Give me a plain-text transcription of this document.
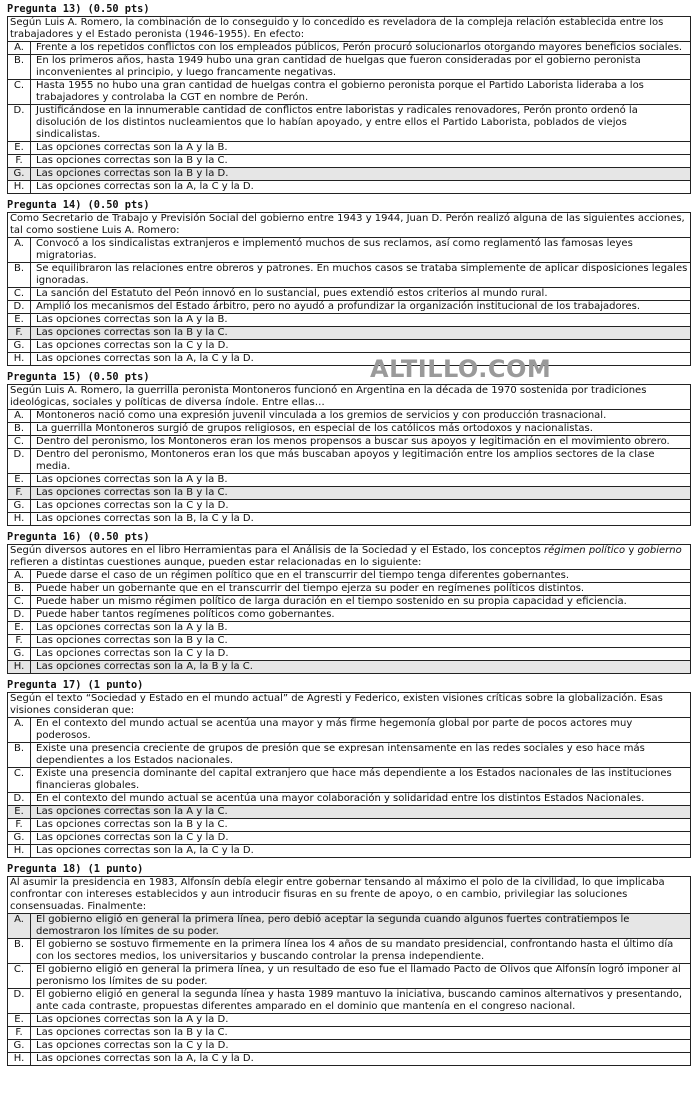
Pregunta 13) (0.50 pts)
Según Luis A. Romero, la combinación de lo conseguido y lo concedido es reveladora de la compleja relación establecida entre los trabajadores y el Estado peronista (1946-1955). En efecto:
A.	Frente a los repetidos conflictos con los empleados públicos, Perón procuró solucionarlos otorgando mayores beneficios sociales.
B.	En los primeros años, hasta 1949 hubo una gran cantidad de huelgas que fueron consideradas por el gobierno peronista inconvenientes al principio, y luego francamente negativas.
C.	Hasta 1955 no hubo una gran cantidad de huelgas contra el gobierno peronista porque el Partido Laborista lideraba a los trabajadores y controlaba la CGT en nombre de Perón.
D.	Justificándose en la innumerable cantidad de conflictos entre laboristas y radicales renovadores, Perón pronto ordenó la disolución de los distintos nucleamientos que lo habían apoyado, y entre ellos el Partido Laborista, poblados de viejos sindicalistas.
E.	Las opciones correctas son la A y la B.
F.	Las opciones correctas son la B y la C.
G.	Las opciones correctas son la B y la D.
H.	Las opciones correctas son la A, la C y la D.
Pregunta 14) (0.50 pts)
Como Secretario de Trabajo y Previsión Social del gobierno entre 1943 y 1944, Juan D. Perón realizó alguna de las siguientes acciones, tal como sostiene Luis A. Romero:
A.	Convocó a los sindicalistas extranjeros e implementó muchos de sus reclamos, así como reglamentó las famosas leyes migratorias.
B.	Se equilibraron las relaciones entre obreros y patrones. En muchos casos se trataba simplemente de aplicar disposiciones legales ignoradas.
C.	La sanción del Estatuto del Peón innovó en lo sustancial, pues extendió estos criterios al mundo rural.
D.	Amplió los mecanismos del Estado árbitro, pero no ayudó a profundizar la organización institucional de los trabajadores.
E.	Las opciones correctas son la A y la B.
F.	Las opciones correctas son la B y la C.
G.	Las opciones correctas son la C y la D.
H.	Las opciones correctas son la A, la C y la D.
Pregunta 15) (0.50 pts)
Según Luis A. Romero, la guerrilla peronista Montoneros funcionó en Argentina en la década de 1970 sostenida por tradiciones ideológicas, sociales y políticas de diversa índole. Entre ellas…
A.	Montoneros nació como una expresión juvenil vinculada a los gremios de servicios y con producción trasnacional.
B.	La guerrilla Montoneros surgió de grupos religiosos, en especial de los católicos más ortodoxos y nacionalistas.
C.	Dentro del peronismo, los Montoneros eran los menos propensos a buscar sus apoyos y legitimación en el movimiento obrero.
D.	Dentro del peronismo, Montoneros eran los que más buscaban apoyos y legitimación entre los amplios sectores de la clase media.
E.	Las opciones correctas son la A y la B.
F.	Las opciones correctas son la B y la C.
G.	Las opciones correctas son la C y la D.
H.	Las opciones correctas son la B, la C y la D.
Pregunta 16) (0.50 pts)
Según diversos autores en el libro Herramientas para el Análisis de la Sociedad y el Estado, los conceptos régimen político y gobierno refieren a distintas cuestiones aunque, pueden estar relacionadas en lo siguiente:
A.	Puede darse el caso de un régimen político que en el transcurrir del tiempo tenga diferentes gobernantes.
B.	Puede haber un gobernante que en el transcurrir del tiempo ejerza su poder en regímenes políticos distintos.
C.	Puede haber un mismo régimen político de larga duración en el tiempo sostenido en su propia capacidad y eficiencia.
D.	Puede haber tantos regímenes políticos como gobernantes.
E.	Las opciones correctas son la A y la B.
F.	Las opciones correctas son la B y la C.
G.	Las opciones correctas son la C y la D.
H.	Las opciones correctas son la A, la B y la C.
Pregunta 17) (1 punto)
Según el texto “Sociedad y Estado en el mundo actual” de Agresti y Federico, existen visiones críticas sobre la globalización. Esas visiones consideran que:
A.	En el contexto del mundo actual se acentúa una mayor y más firme hegemonía global por parte de pocos actores muy poderosos.
B.	Existe una presencia creciente de grupos de presión que se expresan intensamente en las redes sociales y eso hace más dependientes a los Estados nacionales.
C.	Existe una presencia dominante del capital extranjero que hace más dependiente a los Estados nacionales de las instituciones financieras globales.
D.	En el contexto del mundo actual se acentúa una mayor colaboración y solidaridad entre los distintos Estados Nacionales.
E.	Las opciones correctas son la A y la C.
F.	Las opciones correctas son la B y la C.
G.	Las opciones correctas son la C y la D.
H.	Las opciones correctas son la A, la C y la D.
Pregunta 18) (1 punto)
Al asumir la presidencia en 1983, Alfonsín debía elegir entre gobernar tensando al máximo el polo de la civilidad, lo que implicaba confrontar con intereses establecidos y aun introducir fisuras en su frente de apoyo, o en cambio, privilegiar las soluciones consensuadas. Finalmente:
A.	El gobierno eligió en general la primera línea, pero debió aceptar la segunda cuando algunos fuertes contratiempos le demostraron los límites de su poder.
B.	El gobierno se sostuvo firmemente en la primera línea los 4 años de su mandato presidencial, confrontando hasta el último día con los sectores medios, los universitarios y buscando controlar la prensa independiente.
C.	El gobierno eligió en general la primera línea, y un resultado de eso fue el llamado Pacto de Olivos que Alfonsín logró imponer al peronismo los límites de su poder.
D.	El gobierno eligió en general la segunda línea y hasta 1989 mantuvo la iniciativa, buscando caminos alternativos y presentando, ante cada contraste, propuestas diferentes amparado en el dominio que mantenía en el congreso nacional.
E.	Las opciones correctas son la A y la D.
F.	Las opciones correctas son la B y la C.
G.	Las opciones correctas son la C y la D.
H.	Las opciones correctas son la A, la C y la D.
ALTILLO.COM
